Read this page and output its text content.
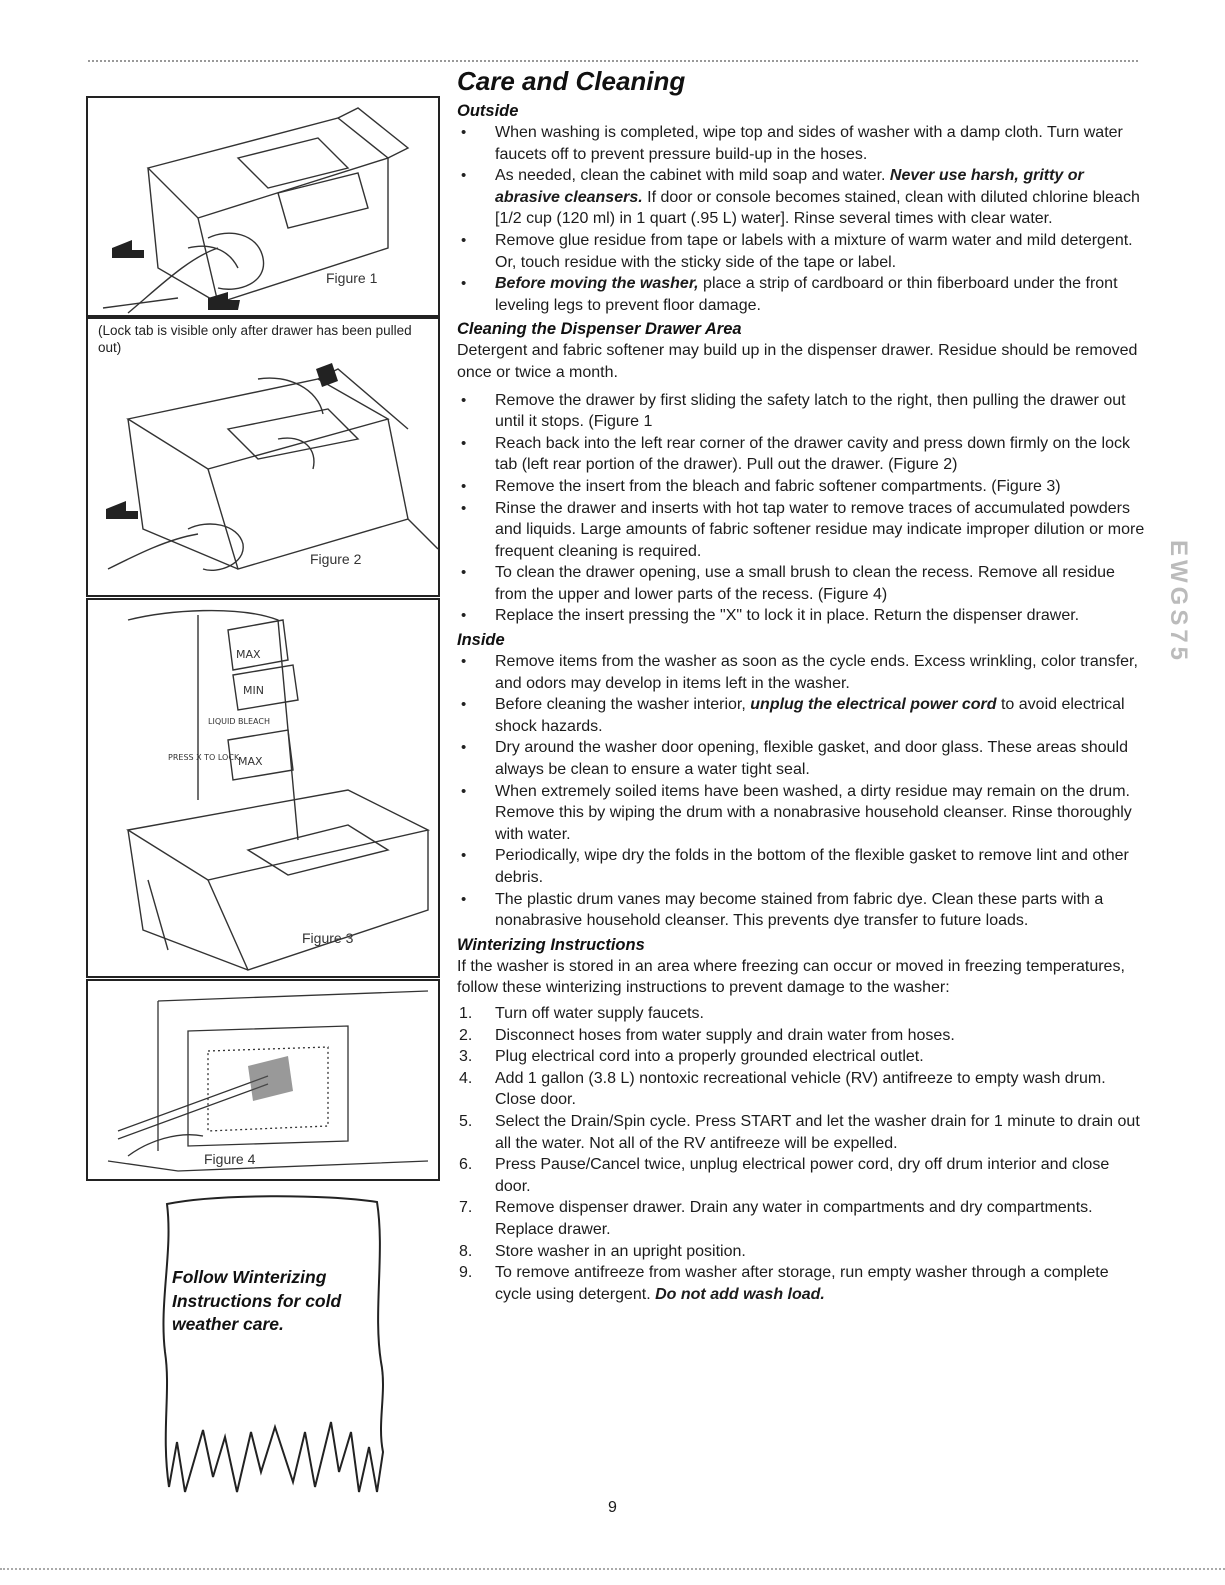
Figure 1
(Lock tab is visible only after drawer has been pulled out)
Figure 2
MAX
MIN
LIQUID BLEACH
PRESS X TO LOCK
MAX
Figure 3
Figure 4
Follow Winterizing Instructions for cold weather care.
Care and Cleaning
Outside
• When washing is completed, wipe top and sides of washer with a damp cloth. Turn water faucets off to prevent pressure build-up in the hoses.
• As needed, clean the cabinet with mild soap and water. Never use harsh, gritty or abrasive cleansers. If door or console becomes stained, clean with diluted chlorine bleach [1/2 cup (120 ml) in 1 quart (.95 L) water]. Rinse several times with clear water.
• Remove glue residue from tape or labels with a mixture of warm water and mild detergent. Or, touch residue with the sticky side of the tape or label.
• Before moving the washer, place a strip of cardboard or thin fiberboard under the front leveling legs to prevent floor damage.
Cleaning the Dispenser Drawer Area

Detergent and fabric softener may build up in the dispenser drawer. Residue should be removed once or twice a month.

• Remove the drawer by first sliding the safety latch to the right, then pulling the drawer out until it stops. (Figure 1
• Reach back into the left rear corner of the drawer cavity and press down firmly on the lock tab (left rear portion of the drawer). Pull out the drawer. (Figure 2)
• Remove the insert from the bleach and fabric softener compartments. (Figure 3)
• Rinse the drawer and inserts with hot tap water to remove traces of accumulated powders and liquids. Large amounts of fabric softener residue may indicate improper dilution or more frequent cleaning is required.
• To clean the drawer opening, use a small brush to clean the recess. Remove all residue from the upper and lower parts of the recess. (Figure 4)
• Replace the insert pressing the "X" to lock it in place. Return the dispenser drawer.
Inside
• Remove items from the washer as soon as the cycle ends. Excess wrinkling, color transfer, and odors may develop in items left in the washer.
• Before cleaning the washer interior, unplug the electrical power cord to avoid electrical shock hazards.
• Dry around the washer door opening, flexible gasket, and door glass. These areas should always be clean to ensure a water tight seal.
• When extremely soiled items have been washed, a dirty residue may remain on the drum. Remove this by wiping the drum with a nonabrasive household cleanser. Rinse thoroughly with water.
• Periodically, wipe dry the folds in the bottom of the flexible gasket to remove lint and other debris.
• The plastic drum vanes may become stained from fabric dye. Clean these parts with a nonabrasive household cleanser. This prevents dye transfer to future loads.
Winterizing Instructions

If the washer is stored in an area where freezing can occur or moved in freezing temperatures, follow these winterizing instructions to prevent damage to the washer:

1. Turn off water supply faucets.
2. Disconnect hoses from water supply and drain water from hoses.
3. Plug electrical cord into a properly grounded electrical outlet.
4. Add 1 gallon (3.8 L) nontoxic recreational vehicle (RV) antifreeze to empty wash drum. Close door.
5. Select the Drain/Spin cycle. Press START and let the washer drain for 1 minute to drain out all the water. Not all of the RV antifreeze will be expelled.
6. Press Pause/Cancel twice, unplug electrical power cord, dry off drum interior and close door.
7. Remove dispenser drawer. Drain any water in compartments and dry compartments. Replace drawer.
8. Store washer in an upright position.
9. To remove antifreeze from washer after storage, run empty washer through a complete cycle using detergent. Do not add wash load.
EWGS75
9
